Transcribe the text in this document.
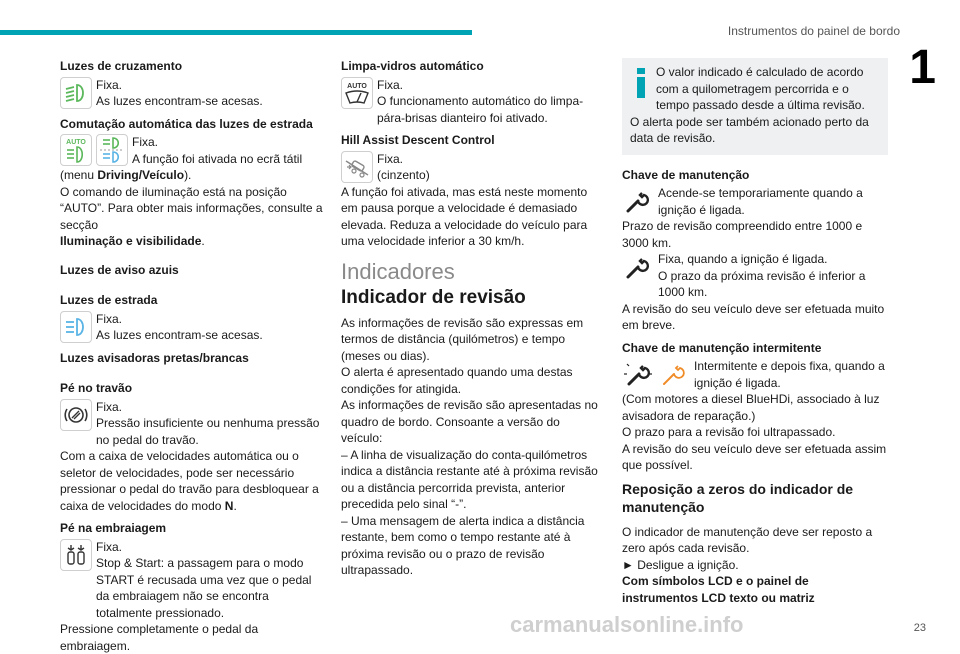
Instrumentos do painel de bordo
1
Luzes de cruzamento
Fixa.
As luzes encontram-se acesas.
Comutação automática das luzes de estrada
AUTO	Fixa.
A função foi ativada no ecrã tátil
(menu Driving/Veículo).
O comando de iluminação está na posição “AUTO”. Para obter mais informações, consulte a secção
Iluminação e visibilidade.
Luzes de aviso azuis
Luzes de estrada
Fixa.
As luzes encontram-se acesas.
Luzes avisadoras pretas/brancas
Pé no travão
Fixa.
Pressão insuficiente ou nenhuma pressão no pedal do travão.
Com a caixa de velocidades automática ou o seletor de velocidades, pode ser necessário pressionar o pedal do travão para desbloquear a caixa de velocidades do modo N.
Pé na embraiagem
Fixa.
Stop & Start: a passagem para o modo START é recusada uma vez que o pedal da embraiagem não se encontra totalmente pressionado.
Pressione completamente o pedal da embraiagem.
Limpa-vidros automático
AUTO Fixa.
O funcionamento automático do limpa-pára-brisas dianteiro foi ativado.
Hill Assist Descent Control
Fixa.
(cinzento)
A função foi ativada, mas está neste momento em pausa porque a velocidade é demasiado elevada. Reduza a velocidade do veículo para uma velocidade inferior a 30 km/h.
Indicadores
Indicador de revisão
As informações de revisão são expressas em termos de distância (quilómetros) e tempo (meses ou dias).
O alerta é apresentado quando uma destas condições for atingida.
As informações de revisão são apresentadas no quadro de bordo. Consoante a versão do veículo:
– A linha de visualização do conta-quilómetros indica a distância restante até à próxima revisão ou a distância percorrida prevista, anterior precedida pelo sinal “-”.
– Uma mensagem de alerta indica a distância restante, bem como o tempo restante até à próxima revisão ou o prazo de revisão ultrapassado.
O valor indicado é calculado de acordo com a quilometragem percorrida e o tempo passado desde a última revisão.
O alerta pode ser também acionado perto da data de revisão.
Chave de manutenção
Acende-se temporariamente quando a ignição é ligada.
Prazo de revisão compreendido entre 1000 e 3000 km.
Fixa, quando a ignição é ligada.
O prazo da próxima revisão é inferior a 1000 km.
A revisão do seu veículo deve ser efetuada muito em breve.
Chave de manutenção intermitente
Intermitente e depois fixa, quando a ignição é ligada.
(Com motores a diesel BlueHDi, associado à luz avisadora de reparação.)
O prazo para a revisão foi ultrapassado.
A revisão do seu veículo deve ser efetuada assim que possível.
Reposição a zeros do indicador de manutenção
O indicador de manutenção deve ser reposto a zero após cada revisão.
► Desligue a ignição.
Com símbolos LCD e o painel de instrumentos LCD texto ou matriz
carmanualsonline.info	23
